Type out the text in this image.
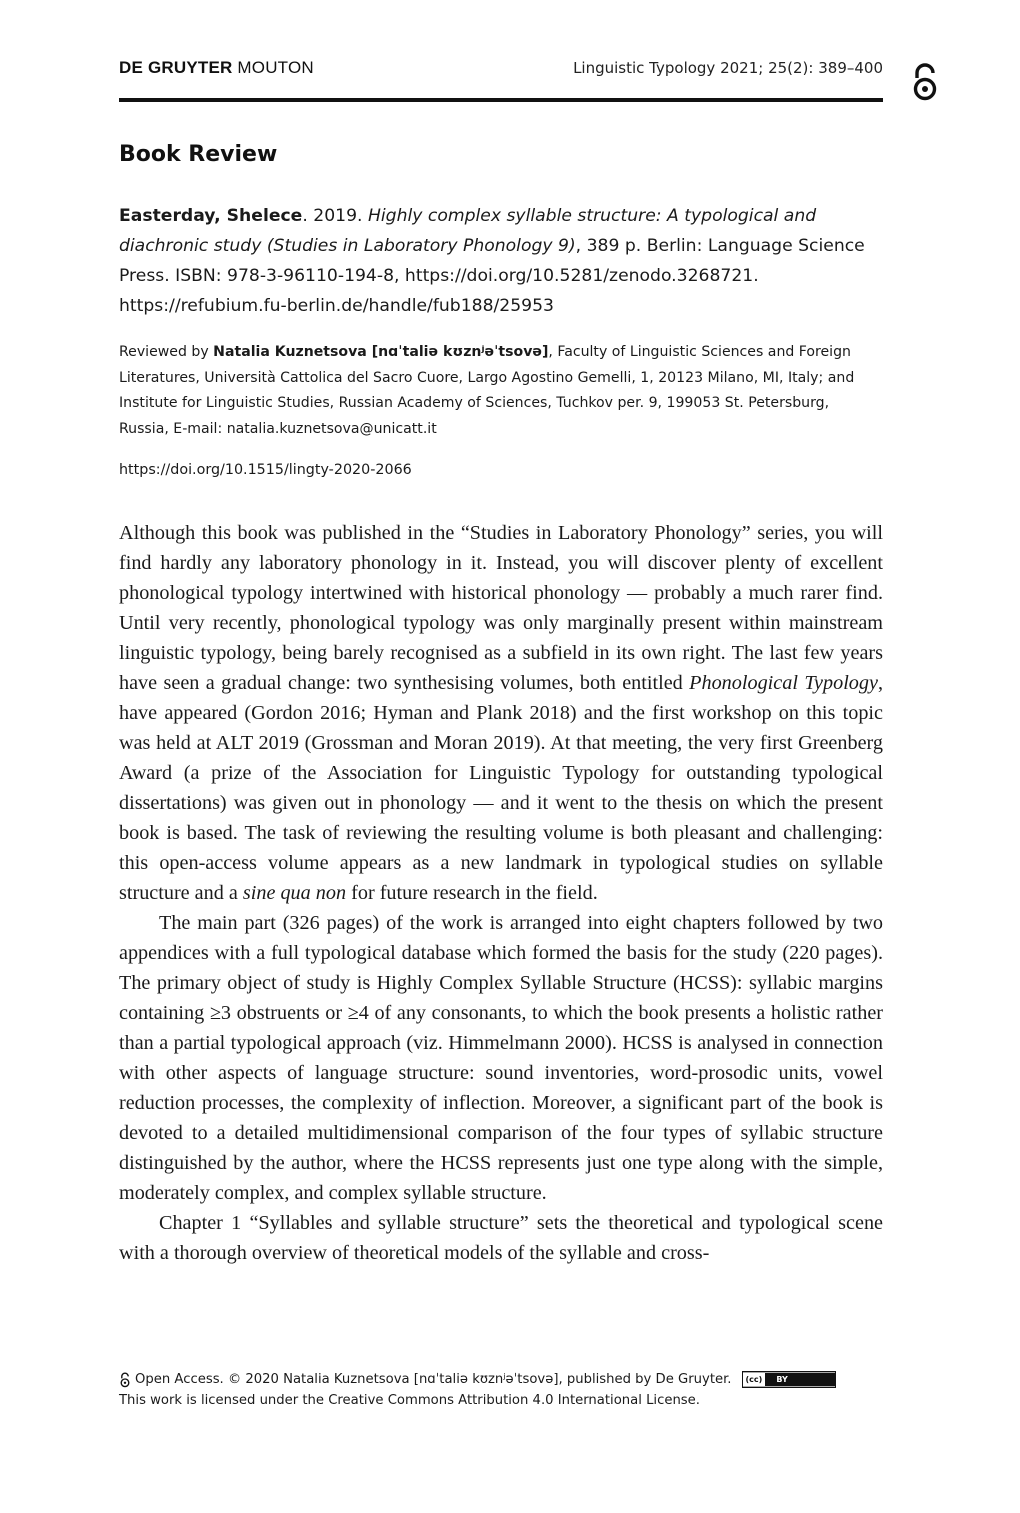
DE GRUYTER MOUTON	Linguistic Typology 2021; 25(2): 389–400
Book Review
Easterday, Shelece. 2019. Highly complex syllable structure: A typological and diachronic study (Studies in Laboratory Phonology 9), 389 p. Berlin: Language Science Press. ISBN: 978-3-96110-194-8, https://doi.org/10.5281/zenodo.3268721. https://refubium.fu-berlin.de/handle/fub188/25953
Reviewed by Natalia Kuznetsova [nɑˈtaliə kʊznʲəˈtsovə], Faculty of Linguistic Sciences and Foreign Literatures, Università Cattolica del Sacro Cuore, Largo Agostino Gemelli, 1, 20123 Milano, MI, Italy; and Institute for Linguistic Studies, Russian Academy of Sciences, Tuchkov per. 9, 199053 St. Petersburg, Russia, E-mail: natalia.kuznetsova@unicatt.it
https://doi.org/10.1515/lingty-2020-2066

Although this book was published in the “Studies in Laboratory Phonology” series, you will find hardly any laboratory phonology in it. Instead, you will discover plenty of excellent phonological typology intertwined with historical phonology — probably a much rarer find. Until very recently, phonological typology was only marginally present within mainstream linguistic typology, being barely recognised as a subfield in its own right. The last few years have seen a gradual change: two synthesising volumes, both entitled Phonological Typology, have appeared (Gordon 2016; Hyman and Plank 2018) and the first workshop on this topic was held at ALT 2019 (Grossman and Moran 2019). At that meeting, the very first Greenberg Award (a prize of the Association for Linguistic Typology for outstanding typological dissertations) was given out in phonology — and it went to the thesis on which the present book is based. The task of reviewing the resulting volume is both pleasant and challenging: this open-access volume appears as a new landmark in typological studies on syllable structure and a sine qua non for future research in the field.

The main part (326 pages) of the work is arranged into eight chapters followed by two appendices with a full typological database which formed the basis for the study (220 pages). The primary object of study is Highly Complex Syllable Structure (HCSS): syllabic margins containing ≥3 obstruents or ≥4 of any consonants, to which the book presents a holistic rather than a partial typological approach (viz. Himmelmann 2000). HCSS is analysed in connection with other aspects of language structure: sound inventories, word-prosodic units, vowel reduction processes, the complexity of inflection. Moreover, a significant part of the book is devoted to a detailed multidimensional comparison of the four types of syllabic structure distinguished by the author, where the HCSS represents just one type along with the simple, moderately complex, and complex syllable structure.

Chapter 1 “Syllables and syllable structure” sets the theoretical and typological scene with a thorough overview of theoretical models of the syllable and cross-

Open Access. © 2020 Natalia Kuznetsova [nɑˈtaliə kʊznʲəˈtsovə], published by De Gruyter.	(cc)	BY
This work is licensed under the Creative Commons Attribution 4.0 International License.
